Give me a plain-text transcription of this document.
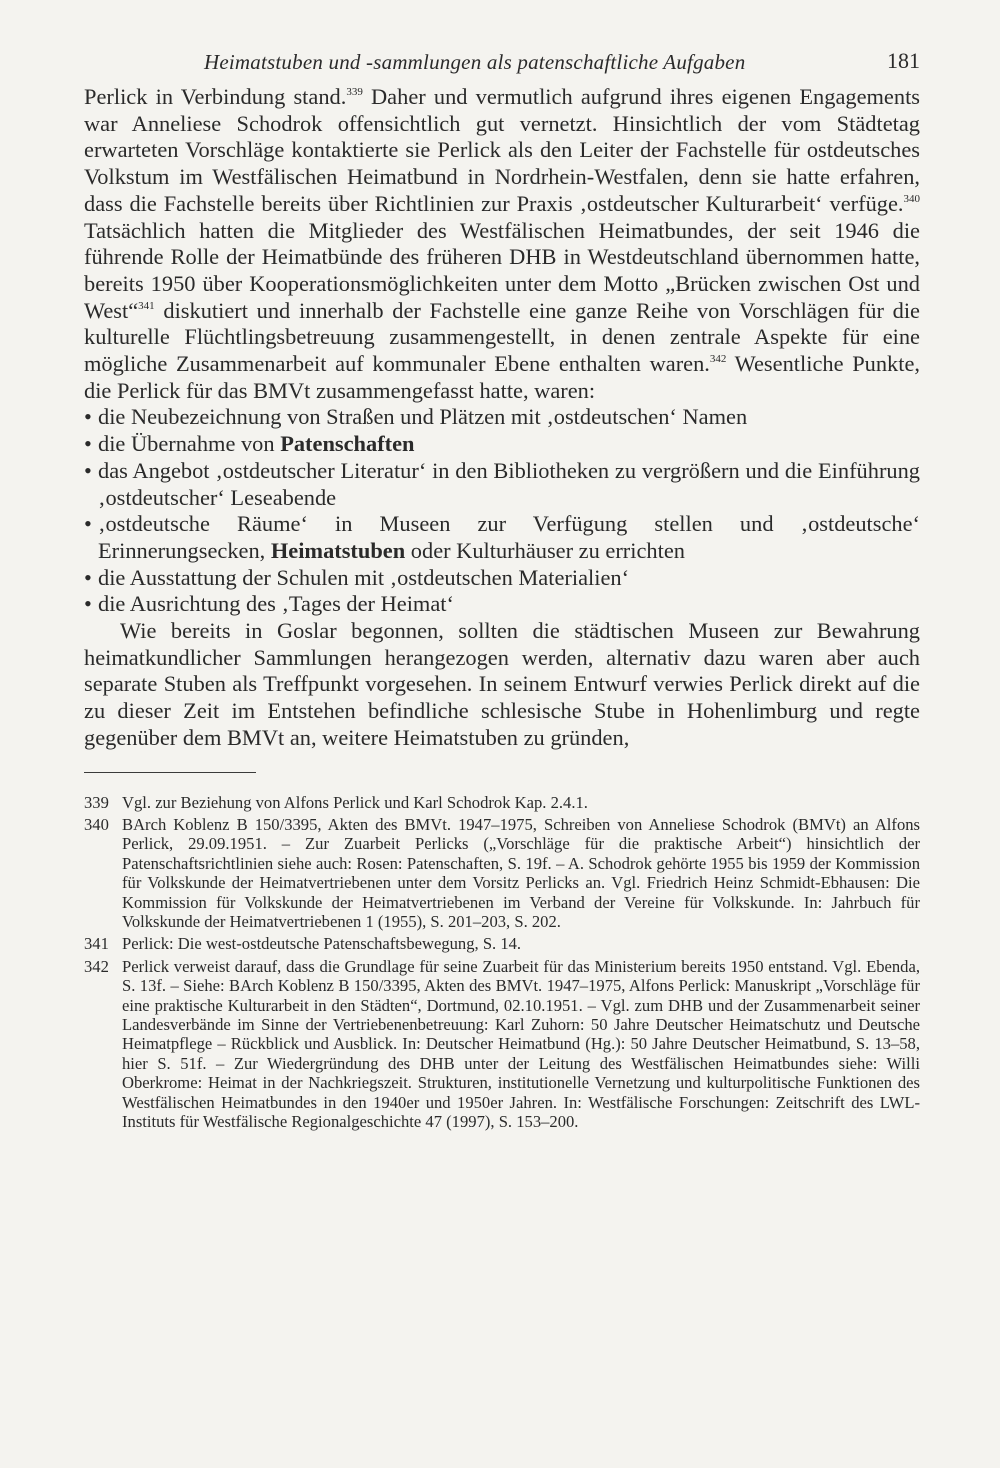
Heimatstuben und -sammlungen als patenschaftliche Aufgaben	181

Perlick in Verbindung stand.$^{339}$ Daher und vermutlich aufgrund ihres eigenen Engagements war Anneliese Schodrok offensichtlich gut vernetzt. Hinsichtlich der vom Städtetag erwarteten Vorschläge kontaktierte sie Perlick als den Leiter der Fachstelle für ostdeutsches Volkstum im Westfälischen Heimatbund in Nordrhein-Westfalen, denn sie hatte erfahren, dass die Fachstelle bereits über Richtlinien zur Praxis ‚ostdeutscher Kulturarbeit‘ verfüge.$^{340}$ Tatsächlich hatten die Mitglieder des Westfälischen Heimatbundes, der seit 1946 die führende Rolle der Heimatbünde des früheren DHB in Westdeutschland übernommen hatte, bereits 1950 über Kooperationsmöglichkeiten unter dem Motto „Brücken zwischen Ost und West“$^{341}$ diskutiert und innerhalb der Fachstelle eine ganze Reihe von Vorschlägen für die kulturelle Flüchtlingsbetreuung zusammengestellt, in denen zentrale Aspekte für eine mögliche Zusammenarbeit auf kommunaler Ebene enthalten waren.$^{342}$ Wesentliche Punkte, die Perlick für das BMVt zusammengefasst hatte, waren:

• die Neubezeichnung von Straßen und Plätzen mit ‚ostdeutschen‘ Namen
• die Übernahme von Patenschaften
• das Angebot ‚ostdeutscher Literatur‘ in den Bibliotheken zu vergrößern und die Einführung ‚ostdeutscher‘ Leseabende
• ‚ostdeutsche Räume‘ in Museen zur Verfügung stellen und ‚ostdeutsche‘ Erinnerungsecken, Heimatstuben oder Kulturhäuser zu errichten
• die Ausstattung der Schulen mit ‚ostdeutschen Materialien‘
• die Ausrichtung des ‚Tages der Heimat‘

Wie bereits in Goslar begonnen, sollten die städtischen Museen zur Bewahrung heimatkundlicher Sammlungen herangezogen werden, alternativ dazu waren aber auch separate Stuben als Treffpunkt vorgesehen. In seinem Entwurf verwies Perlick direkt auf die zu dieser Zeit im Entstehen befindliche schlesische Stube in Hohenlimburg und regte gegenüber dem BMVt an, weitere Heimatstuben zu gründen,

339 Vgl. zur Beziehung von Alfons Perlick und Karl Schodrok Kap. 2.4.1.
340 BArch Koblenz B 150/3395, Akten des BMVt. 1947–1975, Schreiben von Anneliese Schodrok (BMVt) an Alfons Perlick, 29.09.1951. – Zur Zuarbeit Perlicks („Vorschläge für die praktische Arbeit“) hinsichtlich der Patenschaftsrichtlinien siehe auch: Rosen: Patenschaften, S. 19f. – A. Schodrok gehörte 1955 bis 1959 der Kommission für Volkskunde der Heimatvertriebenen unter dem Vorsitz Perlicks an. Vgl. Friedrich Heinz Schmidt-Ebhausen: Die Kommission für Volkskunde der Heimatvertriebenen im Verband der Vereine für Volkskunde. In: Jahrbuch für Volkskunde der Heimatvertriebenen 1 (1955), S. 201–203, S. 202.
341 Perlick: Die west-ostdeutsche Patenschaftsbewegung, S. 14.
342 Perlick verweist darauf, dass die Grundlage für seine Zuarbeit für das Ministerium bereits 1950 entstand. Vgl. Ebenda, S. 13f. – Siehe: BArch Koblenz B 150/3395, Akten des BMVt. 1947–1975, Alfons Perlick: Manuskript „Vorschläge für eine praktische Kulturarbeit in den Städten“, Dortmund, 02.10.1951. – Vgl. zum DHB und der Zusammenarbeit seiner Landesverbände im Sinne der Vertriebenenbetreuung: Karl Zuhorn: 50 Jahre Deutscher Heimatschutz und Deutsche Heimatpflege – Rückblick und Ausblick. In: Deutscher Heimatbund (Hg.): 50 Jahre Deutscher Heimatbund, S. 13–58, hier S. 51f. – Zur Wiedergründung des DHB unter der Leitung des Westfälischen Heimatbundes siehe: Willi Oberkrome: Heimat in der Nachkriegszeit. Strukturen, institutionelle Vernetzung und kulturpolitische Funktionen des Westfälischen Heimatbundes in den 1940er und 1950er Jahren. In: Westfälische Forschungen: Zeitschrift des LWL-Instituts für Westfälische Regionalgeschichte 47 (1997), S. 153–200.
